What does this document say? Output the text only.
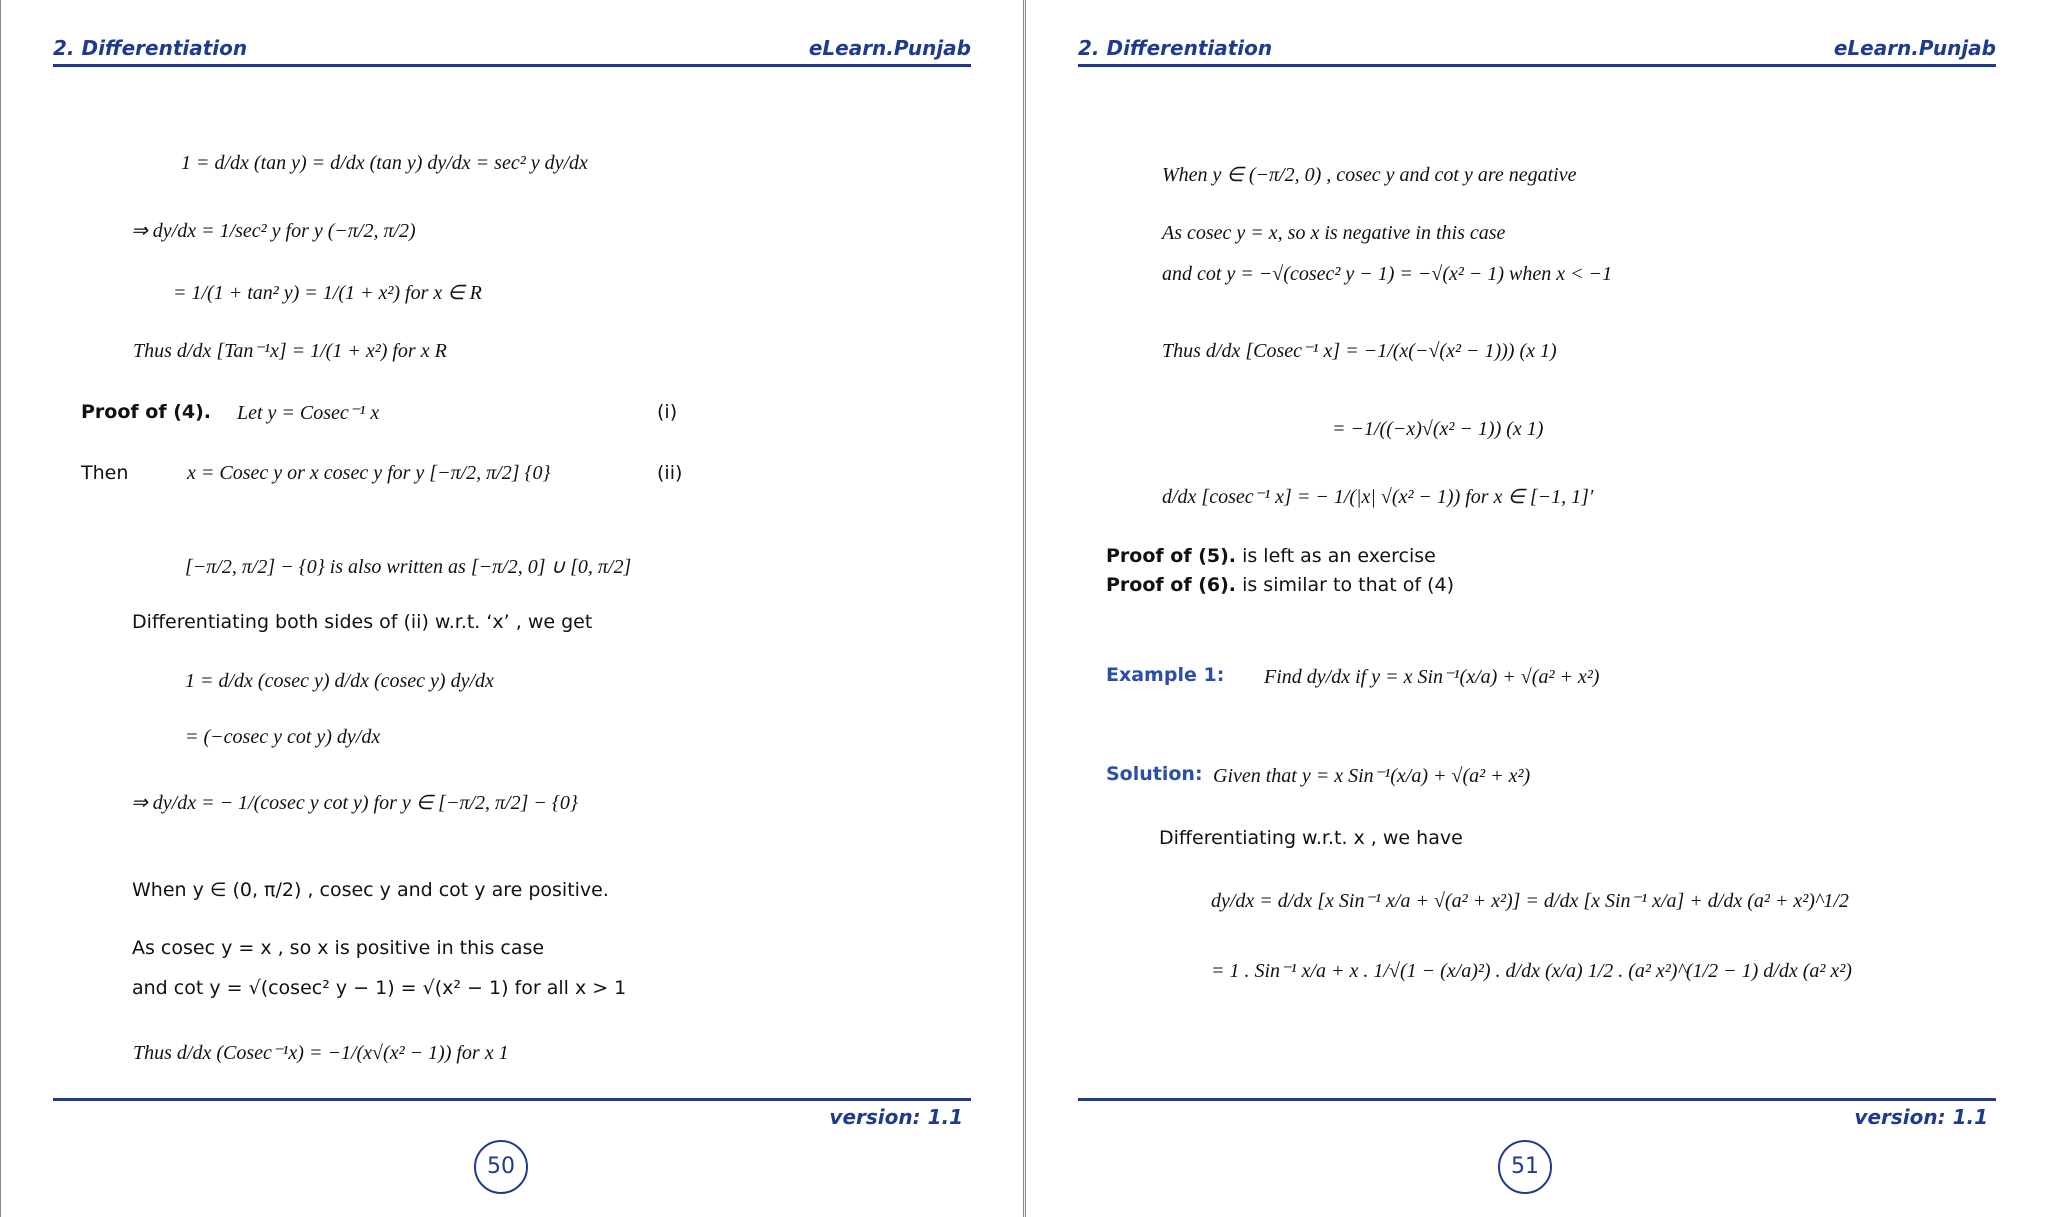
2. Differentiation	eLearn.Punjab
1 = d/dx (tan y) = d/dx (tan y) dy/dx = sec² y dy/dx
⇒ dy/dx = 1/sec² y for y (−π/2, π/2)
= 1/(1 + tan² y) = 1/(1 + x²) for x ∈ R
Thus d/dx [Tan⁻¹x] = 1/(1 + x²) for x R
Proof of (4). Let y = Cosec⁻¹ x	(i)
Then	x = Cosec y or x cosec y for y [−π/2, π/2] {0}	(ii)
[−π/2, π/2] − {0} is also written as [−π/2, 0] ∪ [0, π/2]
Differentiating both sides of (ii) w.r.t. ‘x’ , we get
1 = d/dx (cosec y) d/dx (cosec y) dy/dx
= (−cosec y cot y) dy/dx
⇒ dy/dx = − 1/(cosec y cot y) for y ∈ [−π/2, π/2] − {0}
When y ∈ (0, π/2) , cosec y and cot y are positive.
As cosec y = x , so x is positive in this case
and cot y = √(cosec² y − 1) = √(x² − 1) for all x > 1
Thus d/dx (Cosec⁻¹x) = −1/(x√(x² − 1)) for x 1
version: 1.1
50
2. Differentiation	eLearn.Punjab
When y ∈ (−π/2, 0) , cosec y and cot y are negative
As cosec y = x, so x is negative in this case
and cot y = −√(cosec² y − 1) = −√(x² − 1) when x < −1
Thus d/dx [Cosec⁻¹ x] = −1/(x(−√(x² − 1))) (x 1)
= −1/((−x)√(x² − 1)) (x 1)
d/dx [cosec⁻¹ x] = − 1/(|x| √(x² − 1)) for x ∈ [−1, 1]′
Proof of (5). is left as an exercise
Proof of (6). is similar to that of (4)
Example 1: Find dy/dx if y = x Sin⁻¹(x/a) + √(a² + x²)
Solution: Given that y = x Sin⁻¹(x/a) + √(a² + x²)
Differentiating w.r.t. x , we have
dy/dx = d/dx [x Sin⁻¹ x/a + √(a² + x²)] = d/dx [x Sin⁻¹ x/a] + d/dx (a² + x²)^1/2
= 1 . Sin⁻¹ x/a + x . 1/√(1 − (x/a)²) . d/dx (x/a) 1/2 . (a² x²)^(1/2 − 1) d/dx (a² x²)
version: 1.1
51
